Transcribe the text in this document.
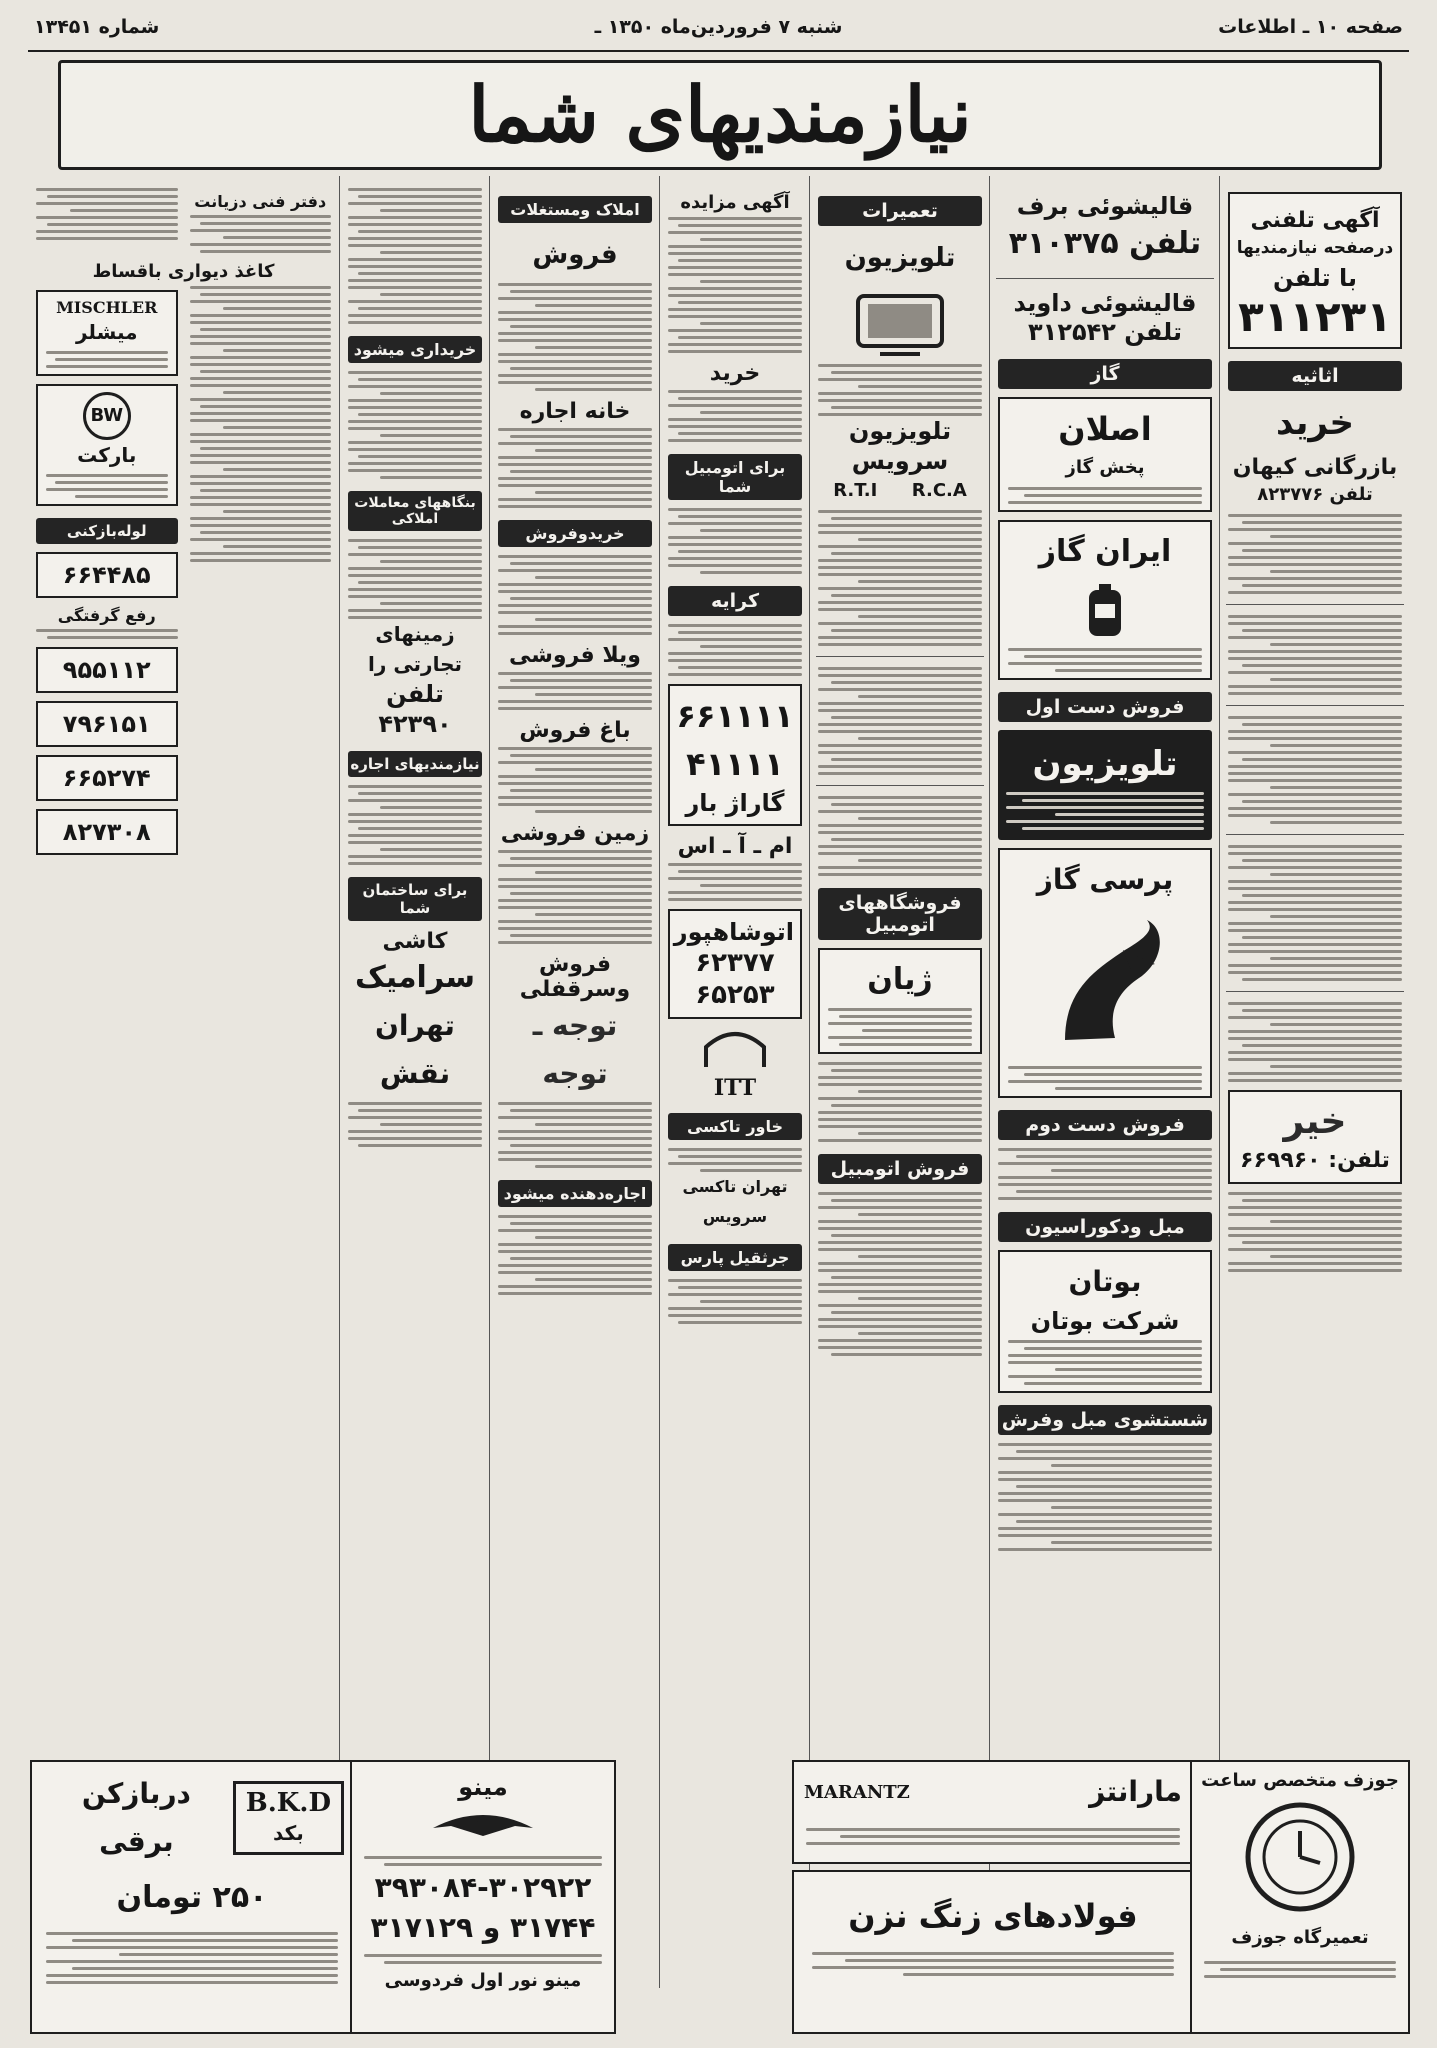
صفحه ۱۰ ـ اطلاعات
شنبه ۷ فروردین‌ماه ۱۳۵۰ ـ
شماره ۱۳۴۵۱
نیازمندیهای شما
آگهی تلفنی
درصفحه نیازمندیها
با تلفن
۳۱۱۲۳۱
اثاثیه
خرید
بازرگانی کیهان
تلفن ۸۲۳۷۷۶
خیر
تلفن: ۶۶۹۹۶۰
قالیشوئی برف
تلفن ۳۱۰۳۷۵
قالیشوئی داوید
تلفن ۳۱۲۵۴۲
گاز
اصلان
پخش گاز
ایران گاز
فروش دست اول
تلویزیون
پرسی گاز
فروش دست دوم
مبل ودکوراسیون
بوتان
شرکت بوتان
شستشوی مبل وفرش
تعمیرات
تلویزیون
تلویزیون سرویس
R.C.A
R.T.I
فروشگاههای اتومبیل
ژیان
فروش اتومبیل
آگهی مزایده
خرید
برای اتومبیل شما
کرایه
۶۶۱۱۱۱
۴۱۱۱۱
گاراژ بار
ام ـ آ ـ اس
اتوشاهپور
۶۲۳۷۷
۶۵۲۵۳
ITT
خاور تاکسی
تهران تاکسی سرویس
جرثقیل پارس
املاک ومستغلات
فروش
خانه اجاره
خریدوفروش
ویلا فروشی
باغ فروش
زمین فروشی
فروش وسرقفلی
توجه ـ توجه
اجاره‌دهنده میشود
خریداری میشود
بنگاههای معاملات املاکی
زمینهای تجارتی را
تلفن ۴۲۳۹۰
نیازمندیهای اجاره
برای ساختمان شما
کاشی
سرامیک
تهران نقش
دفتر فنی دزیانت
کاغذ دیواری باقساط
MISCHLER
میشلر
BW
بارکت
لوله‌بازکنی
۶۶۴۴۸۵
رفع گرفتگی
۹۵۵۱۱۲
۷۹۶۱۵۱
۶۶۵۲۷۴
۸۲۷۳۰۸
B.K.D
بکد
دربازکن برقی
۲۵۰ تومان
مینو
۳۹۳۰۸۴-۳۰۲۹۲۲
۳۱۷۴۴ و ۳۱۷۱۲۹
مینو نور اول فردوسی
مارانتز
MARANTZ
فولادهای زنگ نزن
جوزف متخصص ساعت
تعمیرگاه جوزف
